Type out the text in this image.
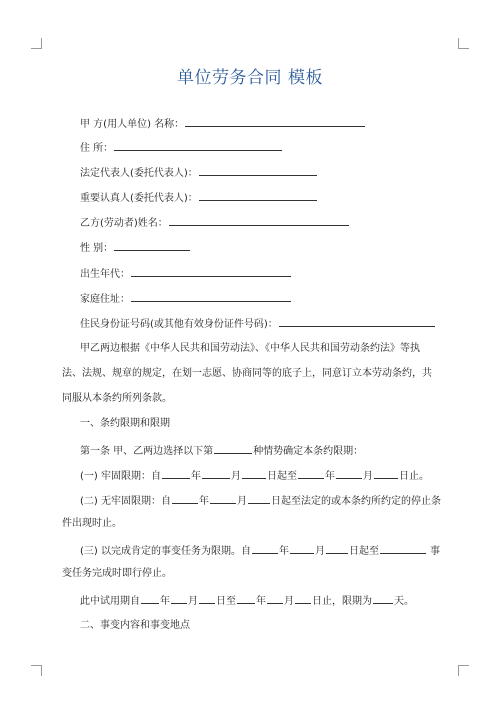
单位劳务合同 模板
甲 方(用人单位) 名称：
住 所：
法定代表人(委托代表人)：
重要认真人(委托代表人)：
乙方(劳动者)姓名：
性 别：
出生年代：
家庭住址：
住民身份证号码(或其他有效身份证件号码)：
甲乙两边根据《中华人民共和国劳动法》、《中华人民共和国劳动条约法》等执
法、法规、规章的规定，在划一志愿、协商同等的底子上，同意订立本劳动条约，共
同服从本条约所列条款。
一、条约限期和限期
第一条 甲、乙两边选择以下第	种情势确定本条约限期：
(一) 牢固限期：自	年	月	日起至	年	月	日止。
(二) 无牢固限期：自	年	月 日起至法定的或本条约所约定的停止条
件出现时止。
(三) 以完成肯定的事变任务为限期。自	年	月 日起至	事
变任务完成时即行停止。
此中试用期自 年 月 日至 年 月 日止，限期为 天。
二、事变内容和事变地点
